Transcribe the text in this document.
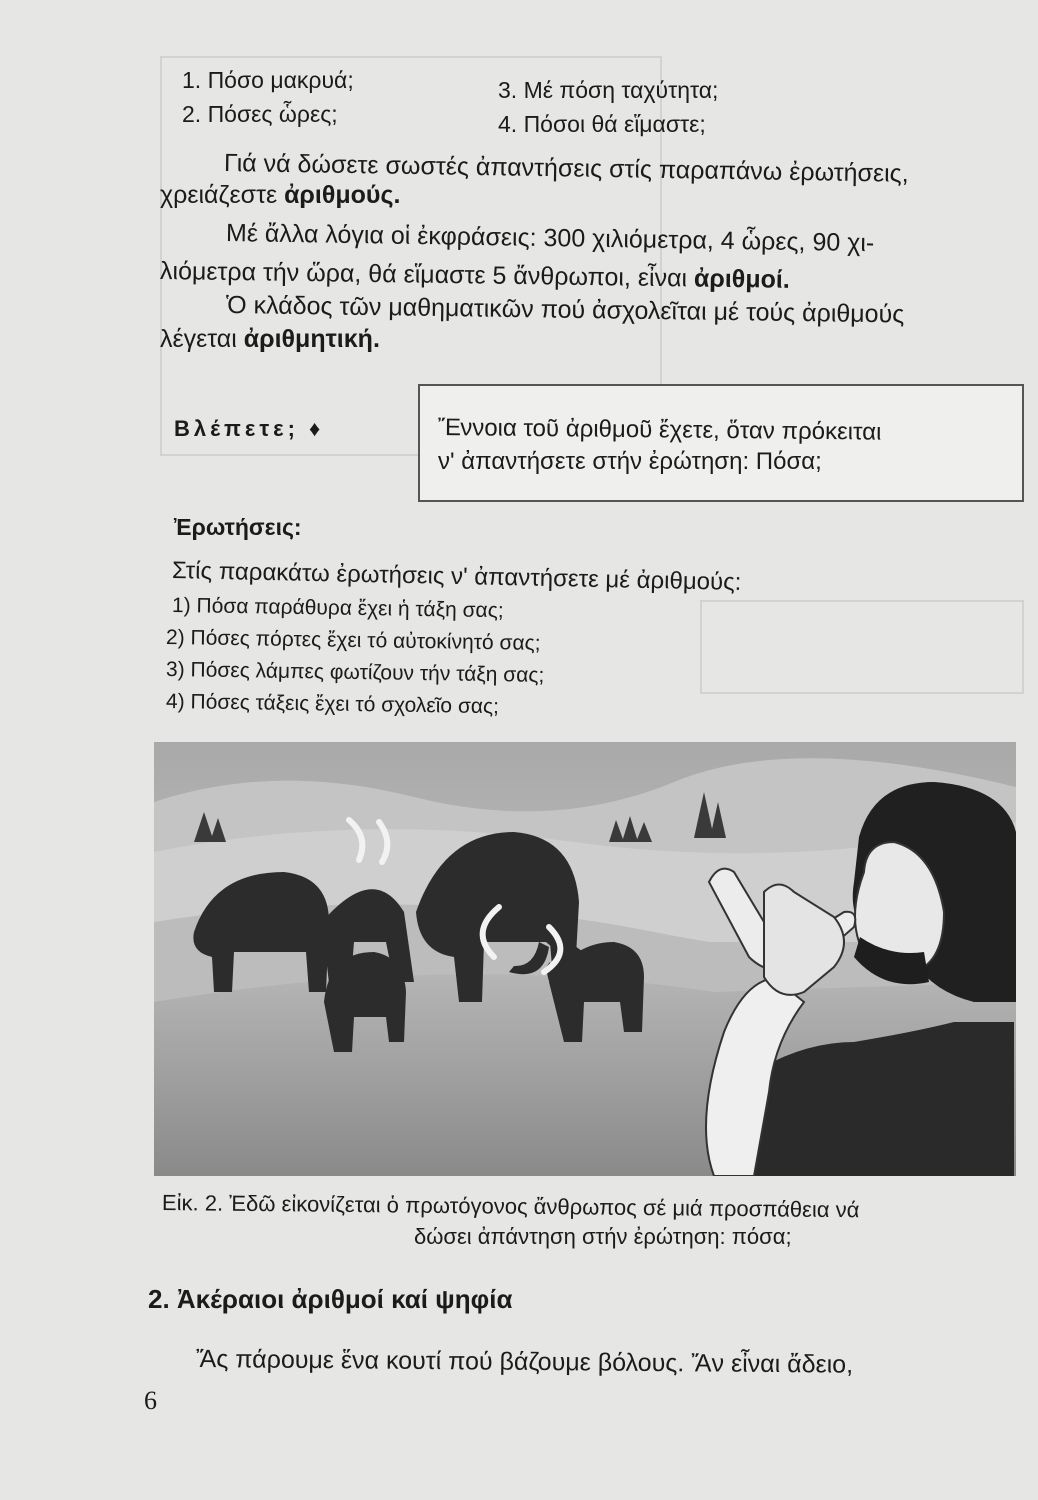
1. Πόσο μακρυά;
2. Πόσες ὧρες;
3. Μέ πόση ταχύτητα;
4. Πόσοι θά εἵμαστε;
Γιά νά δώσετε σωστές ἀπαντήσεις στίς παραπάνω ἐρωτήσεις,
χρειάζεστε ἀριθμούς.
Μέ ἄλλα λόγια οἱ ἐκφράσεις: 300 χιλιόμετρα, 4 ὧρες, 90 χι-
λιόμετρα τήν ὥρα, θά εἵμαστε 5 ἄνθρωποι, εἶναι ἀριθμοί.
Ὁ κλάδος τῶν μαθηματικῶν πού ἀσχολεῖται μέ τούς ἀριθμούς
λέγεται ἀριθμητική.
Βλέπετε; ♦	Ἔννοια τοῦ ἀριθμοῦ ἔχετε, ὅταν πρόκειται
ν' ἀπαντήσετε στήν ἐρώτηση: Πόσα;
Ἐρωτήσεις:
Στίς παρακάτω ἐρωτήσεις ν' ἀπαντήσετε μέ ἀριθμούς:
1) Πόσα παράθυρα ἔχει ἡ τάξη σας;
2) Πόσες πόρτες ἔχει τό αὐτοκίνητό σας;
3) Πόσες λάμπες φωτίζουν τήν τάξη σας;
4) Πόσες τάξεις ἔχει τό σχολεῖο σας;
Εἰκ. 2. Ἐδῶ εἰκονίζεται ὁ πρωτόγονος ἄνθρωπος σέ μιά προσπάθεια νά
δώσει ἀπάντηση στήν ἐρώτηση: πόσα;
2. Ἀκέραιοι ἀριθμοί καί ψηφία
Ἄς πάρουμε ἕνα κουτί πού βάζουμε βόλους. Ἄν εἶναι ἄδειο,
6
